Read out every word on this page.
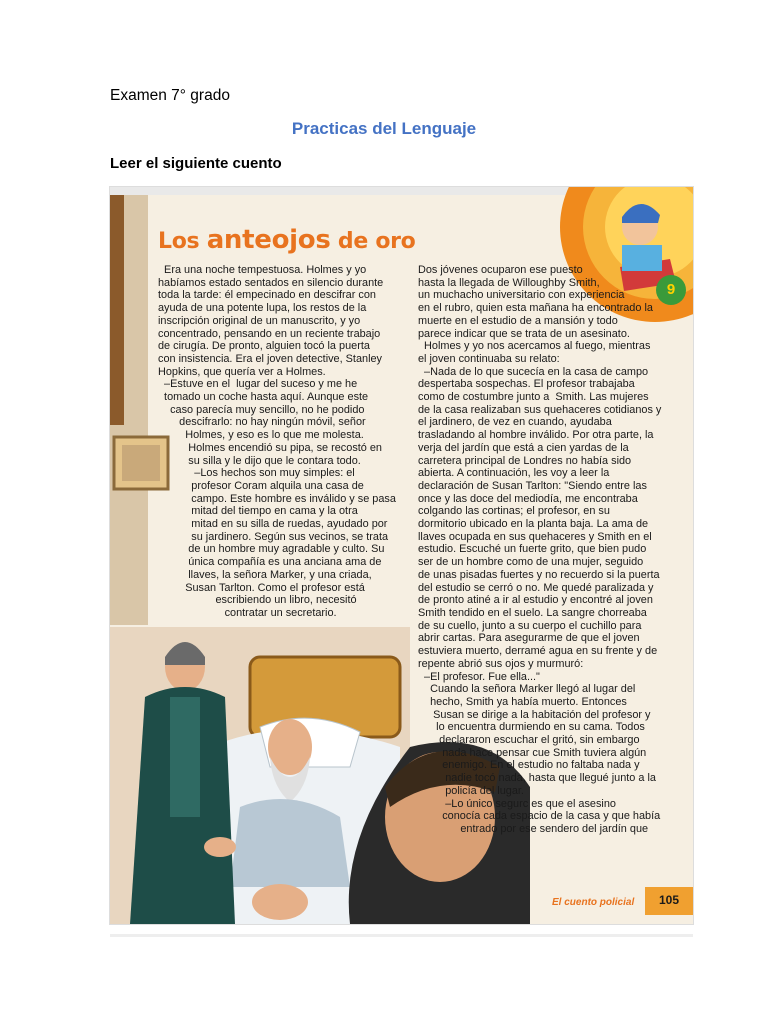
Examen 7° grado
Practicas del Lenguaje
Leer el siguiente cuento
Los anteojos de oro
9

Era una noche tempestuosa. Holmes y yo

habíamos estado sentados en silencio durante

toda la tarde: él empecinado en descifrar con

ayuda de una potente lupa, los restos de la

inscripción original de un manuscrito, y yo

concentrado, pensando en un reciente trabajo

de cirugía. De pronto, alguien tocó la puerta

con insistencia. Era el joven detective, Stanley

Hopkins, que quería ver a Holmes.

–Estuve en el  lugar del suceso y me he

tomado un coche hasta aquí. Aunque este

caso parecía muy sencillo, no he podido

descifrarlo: no hay ningún móvil, señor

Holmes, y eso es lo que me molesta.

Holmes encendió su pipa, se recostó en

su silla y le dijo que le contara todo.

–Los hechos son muy simples: el

profesor Coram alquila una casa de

campo. Este hombre es inválido y se pasa

mitad del tiempo en cama y la otra

mitad en su silla de ruedas, ayudado por

su jardinero. Según sus vecinos, se trata

de un hombre muy agradable y culto. Su

única compañía es una anciana ama de

llaves, la señora Marker, y una criada,

Susan Tarlton. Como el profesor está

escribiendo un libro, necesitó

contratar un secretario.

Dos jóvenes ocuparon ese puesto

hasta la llegada de Willoughby Smith,

un muchacho universitario con experiencia

en el rubro, quien esta mañana ha encontrado la

muerte en el estudio de a mansión y todo

parece indicar que se trata de un asesinato.

Holmes y yo nos acercamos al fuego, mientras

el joven continuaba su relato:

–Nada de lo que sucecía en la casa de campo

despertaba sospechas. El profesor trabajaba

como de costumbre junto a  Smith. Las mujeres

de la casa realizaban sus quehaceres cotidianos y

el jardinero, de vez en cuando, ayudaba

trasladando al hombre inválido. Por otra parte, la

verja del jardín que está a cien yardas de la

carretera principal de Londres no había sido

abierta. A continuación, les voy a leer la

declaración de Susan Tarlton: "Siendo entre las

once y las doce del mediodía, me encontraba

colgando las cortinas; el profesor, en su

dormitorio ubicado en la planta baja. La ama de

llaves ocupada en sus quehaceres y Smith en el

estudio. Escuché un fuerte grito, que bien pudo

ser de un hombre como de una mujer, seguido

de unas pisadas fuertes y no recuerdo si la puerta

del estudio se cerró o no. Me quedé paralizada y

de pronto atiné a ir al estudio y encontré al joven

Smith tendido en el suelo. La sangre chorreaba

de su cuello, junto a su cuerpo el cuchillo para

abrir cartas. Para asegurarme de que el joven

estuviera muerto, derramé agua en su frente y de

repente abrió sus ojos y murmuró:

–El profesor. Fue ella..."

Cuando la señora Marker llegó al lugar del

hecho, Smith ya había muerto. Entonces

Susan se dirige a la habitación del profesor y

lo encuentra durmiendo en su cama. Todos

declararon escuchar el gritó, sin embargo

nada hace pensar cue Smith tuviera algún

enemigo. En el estudio no faltaba nada y

nadie tocó nada, hasta que llegué junto a la

policía del lugar.

–Lo único segurc es que el asesino

conocía cada espacio de la casa y que había

entrado por ese sendero del jardín que

El cuento policial	105
